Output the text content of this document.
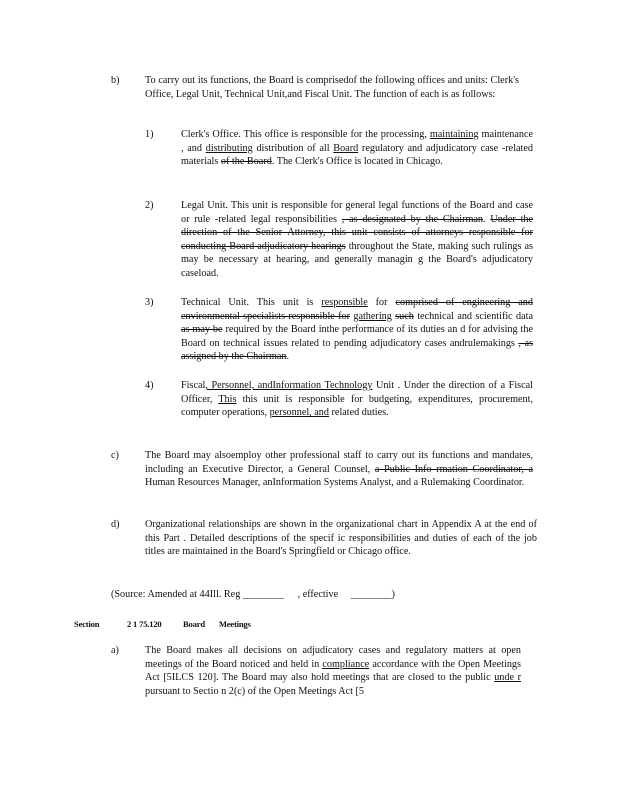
b)	To carry out its functions, the Board is comprisedof the following offices and units: Clerk's Office, Legal Unit, Technical Unit,and Fiscal Unit. The function of each is as follows:
1)	Clerk's Office. This office is responsible for the processing, maintaining maintenance , and distributing distribution of all Board regulatory and adjudicatory case -related materials of the Board. The Clerk's Office is located in Chicago.
2)	Legal Unit. This unit is responsible for general legal functions of the Board and case or rule -related legal responsibilities , as designated by the Chairman. Under the direction of the Senior Attorney, this unit consists of attorneys responsible for conducting Board adjudicatory hearings throughout the State, making such rulings as may be necessary at hearing, and generally managin g the Board's adjudicatory caseload.
3)	Technical Unit. This unit is responsible for comprised of engineering and environmental specialists responsible for gathering such technical and scientific data as may be required by the Board inthe performance of its duties an d for advising the Board on technical issues related to pending adjudicatory cases andrulemakings , as assigned by the Chairman.
4)	Fiscal, Personnel, andInformation Technology Unit . Under the direction of a Fiscal Officer, This this unit is responsible for budgeting, expenditures, procurement, computer operations, personnel, and related duties.
c)	The Board may alsoemploy other professional staff to carry out its functions and mandates, including an Executive Director, a General Counsel, a Public Info rmation Coordinator, a Human Resources Manager, anInformation Systems Analyst, and a Rulemaking Coordinator.
d)	Organizational relationships are shown in the organizational chart in Appendix A at the end of this Part . Detailed descriptions of the specif ic responsibilities and duties of each of the job titles are maintained in the Board's Springfield or Chicago office.
(Source: Amended at 44Ill. Reg ________ , effective ________)
Section	2 1 75.120 Board Meetings
a)	The Board makes all decisions on adjudicatory cases and regulatory matters at open meetings of the Board noticed and held in compliance accordance with the Open Meetings Act [5ILCS 120]. The Board may also hold meetings that are closed to the public unde r pursuant to Sectio n 2(c) of the Open Meetings Act [5
